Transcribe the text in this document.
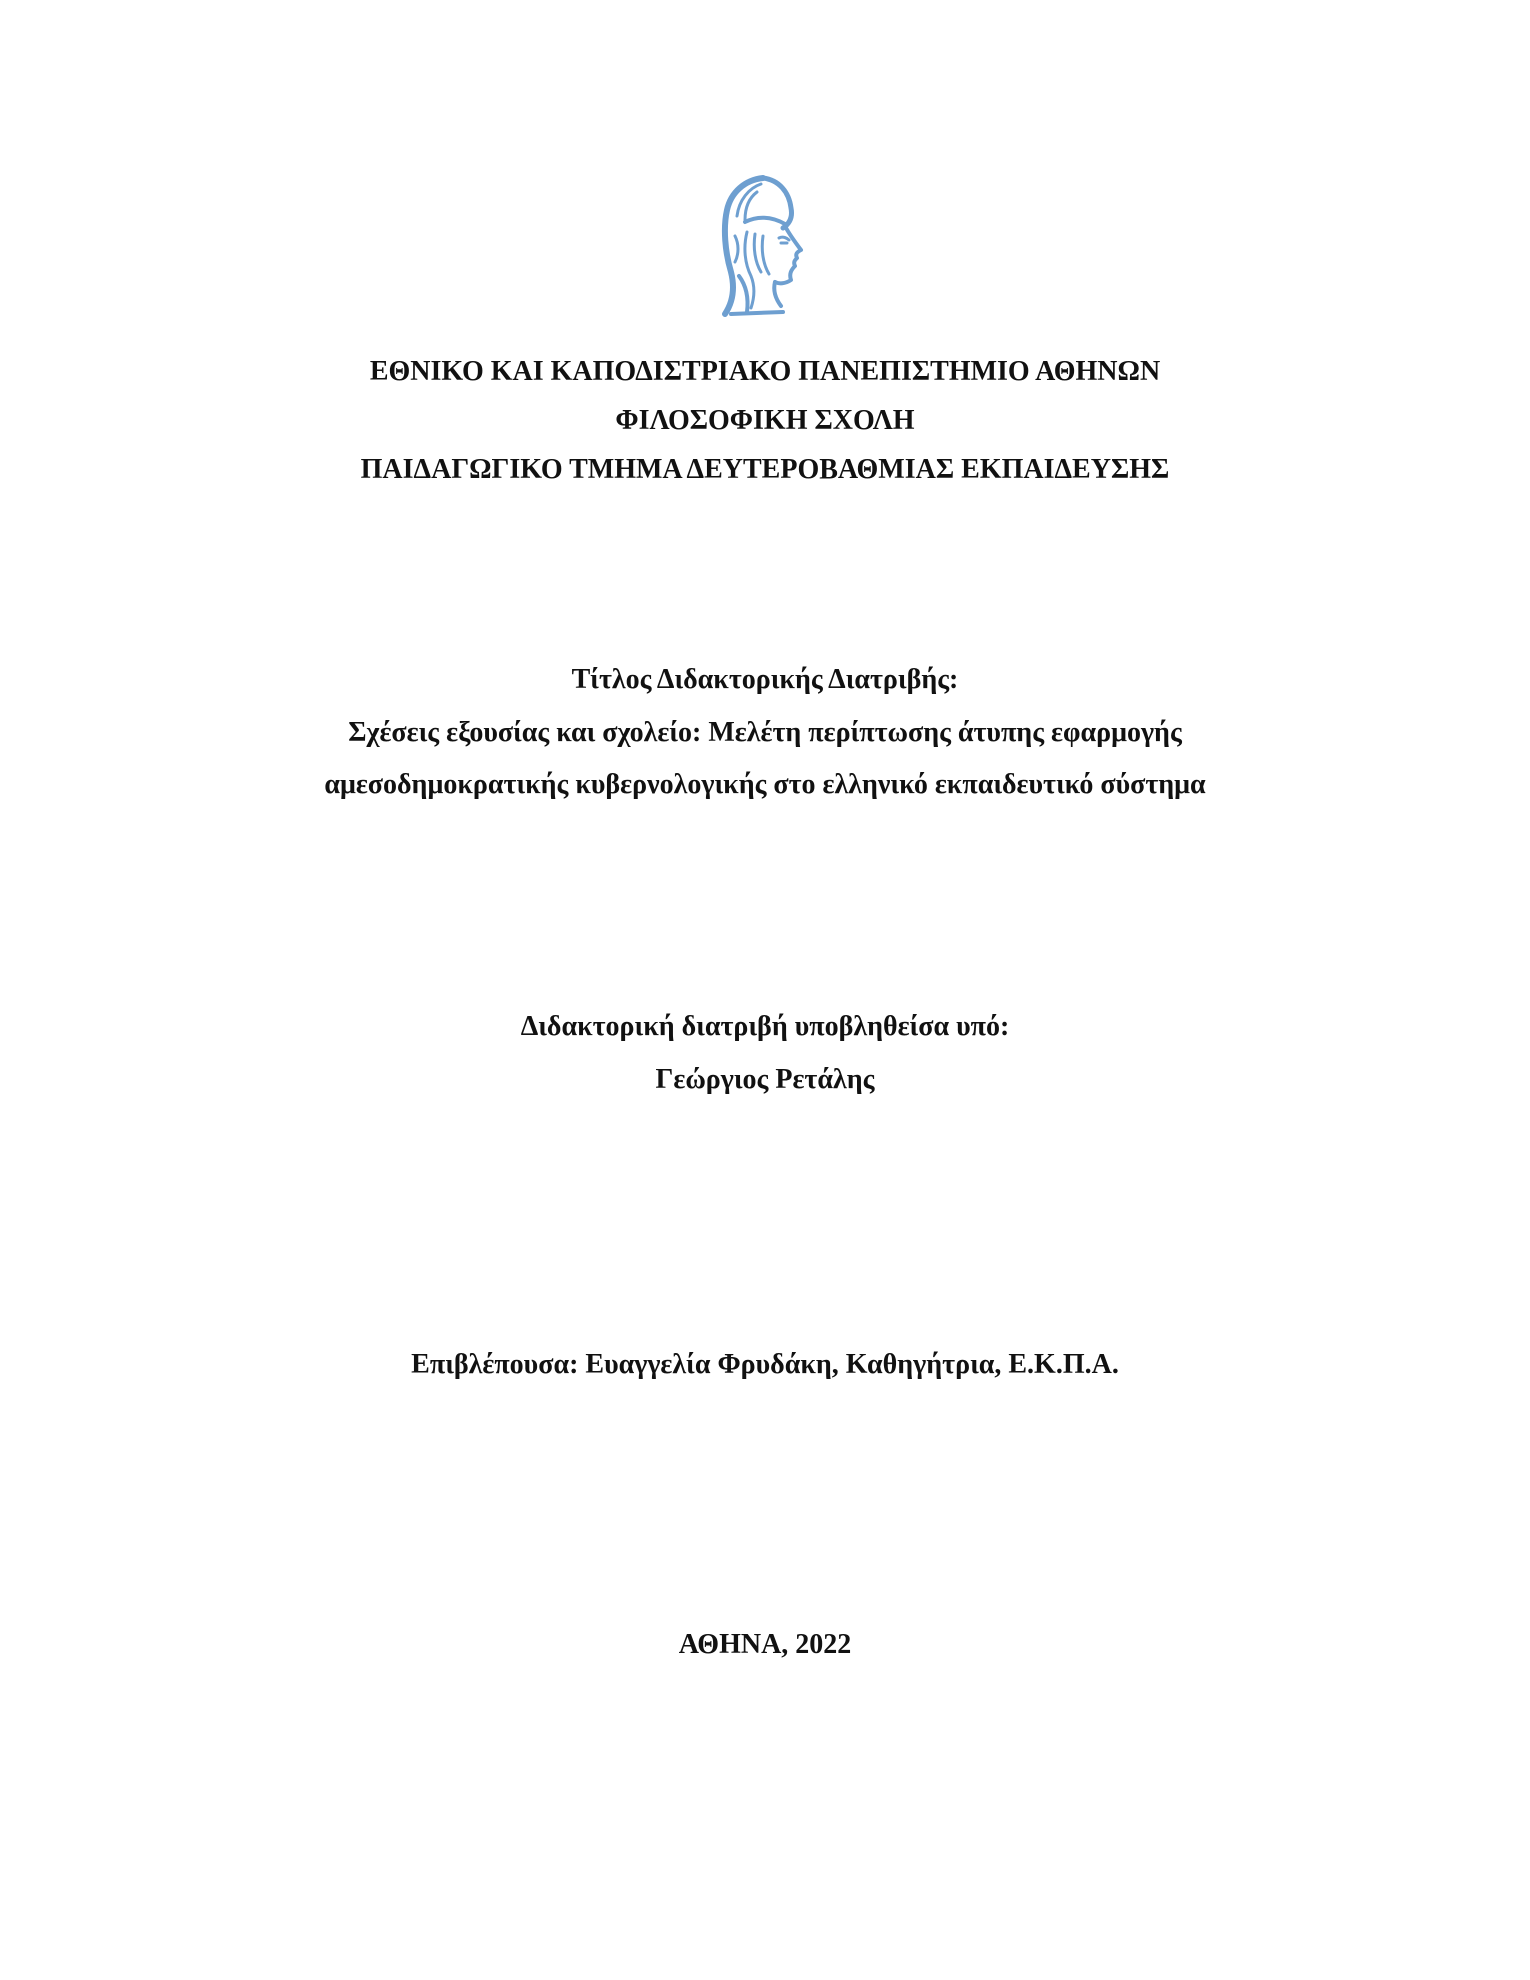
ΕΘΝΙΚΟ ΚΑΙ ΚΑΠΟΔΙΣΤΡΙΑΚΟ ΠΑΝΕΠΙΣΤΗΜΙΟ ΑΘΗΝΩΝ
ΦΙΛΟΣΟΦΙΚΗ ΣΧΟΛΗ
ΠΑΙΔΑΓΩΓΙΚΟ ΤΜΗΜΑ ΔΕΥΤΕΡΟΒΑΘΜΙΑΣ ΕΚΠΑΙΔΕΥΣΗΣ
Τίτλος Διδακτορικής Διατριβής:
Σχέσεις εξουσίας και σχολείο: Μελέτη περίπτωσης άτυπης εφαρμογής
αμεσοδημοκρατικής κυβερνολογικής στο ελληνικό εκπαιδευτικό σύστημα
Διδακτορική διατριβή υποβληθείσα υπό:
Γεώργιος Ρετάλης
Επιβλέπουσα: Ευαγγελία Φρυδάκη, Καθηγήτρια, Ε.Κ.Π.Α.
ΑΘΗΝΑ, 2022
